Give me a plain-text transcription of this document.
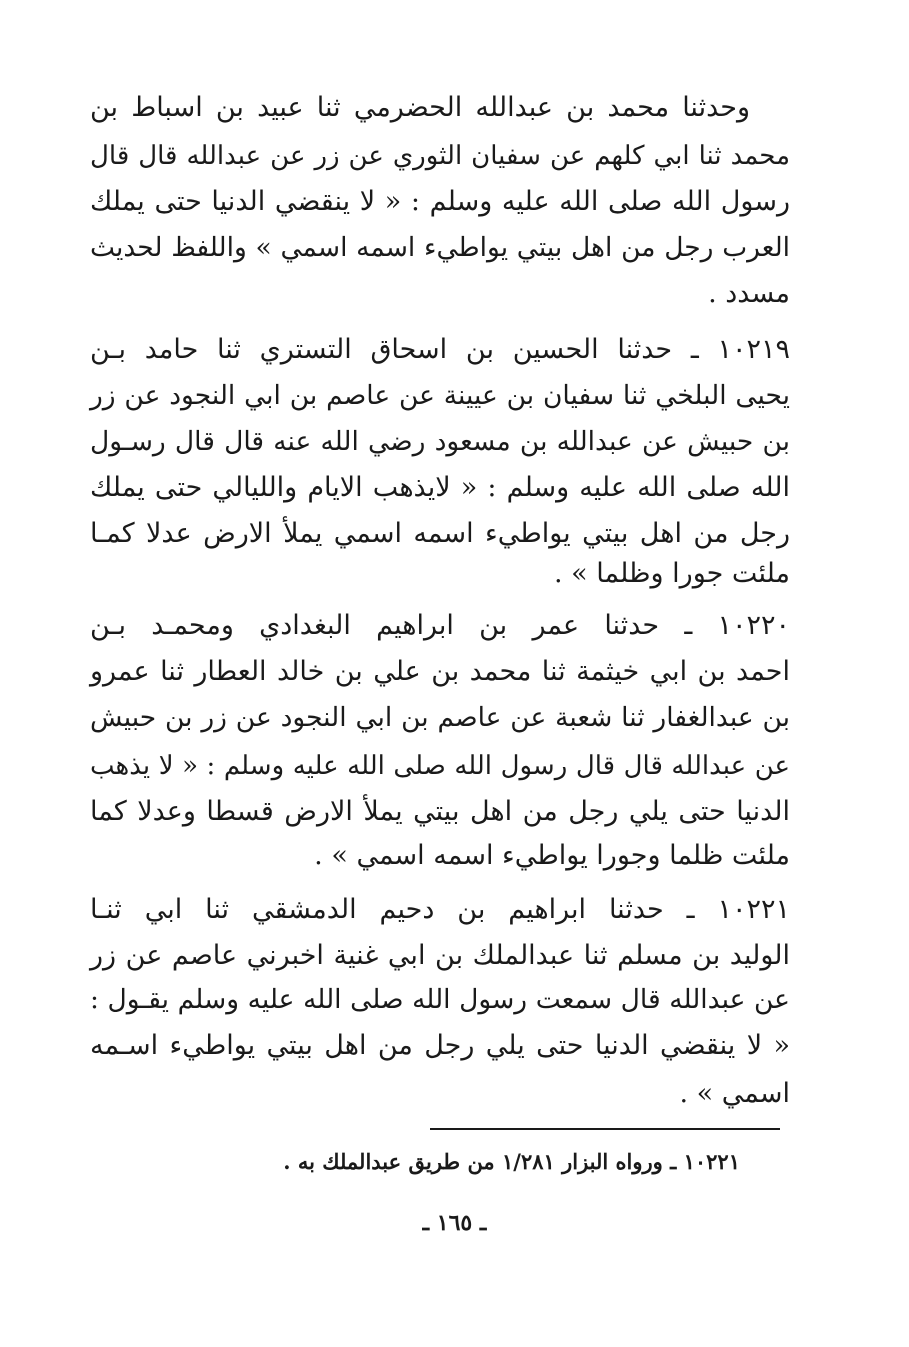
وحدثنا محمد بن عبدالله الحضرمي ثنا عبيد بن اسباط بن
محمد ثنا ابي كلهم عن سفيان الثوري عن زر عن عبدالله قال قال
رسول الله صلى الله عليه وسلم : « لا ينقضي الدنيا حتى يملك
العرب رجل من اهل بيتي يواطيء اسمه اسمي » واللفظ لحديث
مسدد .
١٠٢١٩ ـ حدثنا الحسين بن اسحاق التستري ثنا حامد بـن
يحيى البلخي ثنا سفيان بن عيينة عن عاصم بن ابي النجود عن زر
بن حبيش عن عبدالله بن مسعود رضي الله عنه قال قال رسـول
الله صلى الله عليه وسلم : « لايذهب الايام والليالي حتى يملك
رجل من اهل بيتي يواطيء اسمه اسمي يملأ الارض عدلا كمـا
ملئت جورا وظلما » .
١٠٢٢٠ ـ حدثنا عمر بن ابراهيم البغدادي ومحمـد بـن
احمد بن ابي خيثمة ثنا محمد بن علي بن خالد العطار ثنا عمرو
بن عبدالغفار ثنا شعبة عن عاصم بن ابي النجود عن زر بن حبيش
عن عبدالله قال قال رسول الله صلى الله عليه وسلم : « لا يذهب
الدنيا حتى يلي رجل من اهل بيتي يملأ الارض قسطا وعدلا كما
ملئت ظلما وجورا يواطيء اسمه اسمي » .
١٠٢٢١ ـ حدثنا ابراهيم بن دحيم الدمشقي ثنا ابي ثنـا
الوليد بن مسلم ثنا عبدالملك بن ابي غنية اخبرني عاصم عن زر
عن عبدالله قال سمعت رسول الله صلى الله عليه وسلم يقـول :
« لا ينقضي الدنيا حتى يلي رجل من اهل بيتي يواطيء اسـمه
اسمي » .
١٠٢٢١ ـ ورواه البزار ١/٢٨١ من طريق عبدالملك به .
ـ ١٦٥ ـ
